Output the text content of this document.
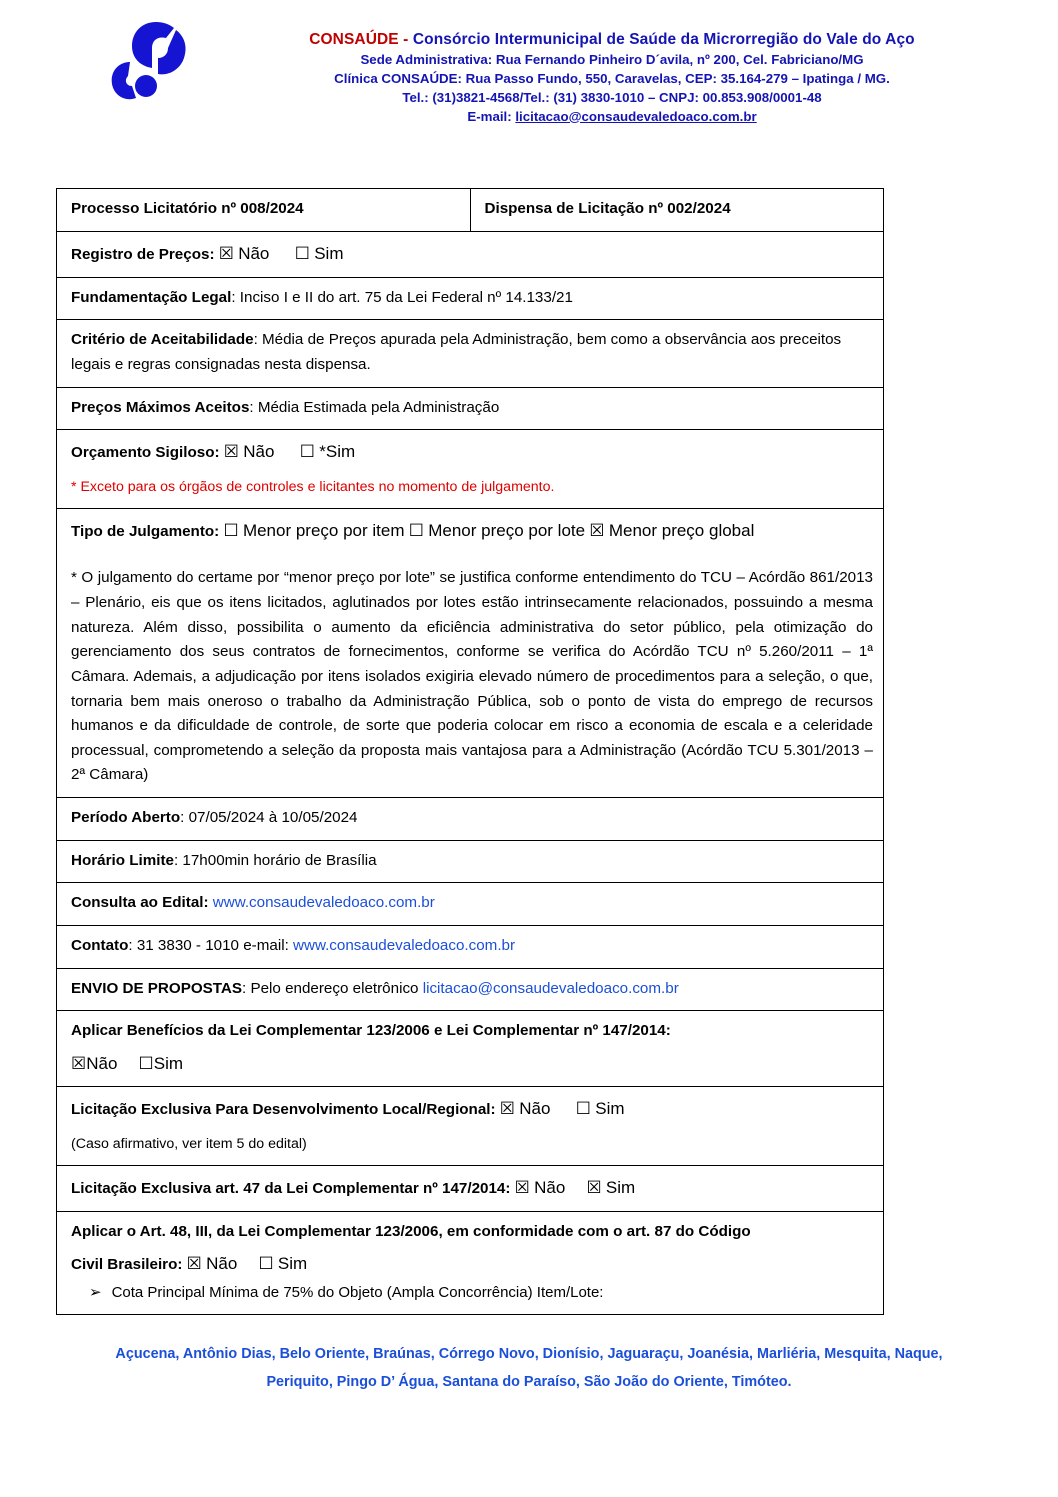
CONSAÚDE - Consórcio Intermunicipal de Saúde da Microrregião do Vale do Aço
Sede Administrativa: Rua Fernando Pinheiro D´avila, nº 200, Cel. Fabriciano/MG
Clínica CONSAÚDE: Rua Passo Fundo, 550, Caravelas, CEP: 35.164-279 – Ipatinga / MG.
Tel.: (31)3821-4568/Tel.: (31) 3830-1010 – CNPJ: 00.853.908/0001-48
E-mail: licitacao@consaudevaledoaco.com.br
Processo Licitatório nº 008/2024	Dispensa de Licitação nº 002/2024
Registro de Preços: ☒ Não ☐ Sim
Fundamentação Legal: Inciso I e II do art. 75 da Lei Federal nº 14.133/21
Critério de Aceitabilidade: Média de Preços apurada pela Administração, bem como a observância aos preceitos legais e regras consignadas nesta dispensa.
Preços Máximos Aceitos: Média Estimada pela Administração
Orçamento Sigiloso: ☒ Não ☐ *Sim
* Exceto para os órgãos de controles e licitantes no momento de julgamento.

Tipo de Julgamento: ☐ Menor preço por item ☐ Menor preço por lote ☒ Menor preço global
* O julgamento do certame por “menor preço por lote” se justifica conforme entendimento do TCU – Acórdão 861/2013 – Plenário, eis que os itens licitados, aglutinados por lotes estão intrinsecamente relacionados, possuindo a mesma natureza. Além disso, possibilita o aumento da eficiência administrativa do setor público, pela otimização do gerenciamento dos seus contratos de fornecimentos, conforme se verifica do Acórdão TCU nº 5.260/2011 – 1ª Câmara. Ademais, a adjudicação por itens isolados exigiria elevado número de procedimentos para a seleção, o que, tornaria bem mais oneroso o trabalho da Administração Pública, sob o ponto de vista do emprego de recursos humanos e da dificuldade de controle, de sorte que poderia colocar em risco a economia de escala e a celeridade processual, comprometendo a seleção da proposta mais vantajosa para a Administração (Acórdão TCU 5.301/2013 – 2ª Câmara)

Período Aberto: 07/05/2024 à 10/05/2024
Horário Limite: 17h00min horário de Brasília
Consulta ao Edital: www.consaudevaledoaco.com.br
Contato: 31 3830 - 1010 e-mail: www.consaudevaledoaco.com.br
ENVIO DE PROPOSTAS: Pelo endereço eletrônico licitacao@consaudevaledoaco.com.br
Aplicar Benefícios da Lei Complementar 123/2006 e Lei Complementar nº 147/2014:
☒Não ☐Sim

Licitação Exclusiva Para Desenvolvimento Local/Regional: ☒ Não ☐ Sim
(Caso afirmativo, ver item 5 do edital)

Licitação Exclusiva art. 47 da Lei Complementar nº 147/2014: ☒ Não ☒ Sim
Aplicar o Art. 48, III, da Lei Complementar 123/2006, em conformidade com o art. 87 do Código
Civil Brasileiro: ☒ Não ☐ Sim
➢ Cota Principal Mínima de 75% do Objeto (Ampla Concorrência) Item/Lote:
Açucena, Antônio Dias, Belo Oriente, Braúnas, Córrego Novo, Dionísio, Jaguaraçu, Joanésia, Marliéria, Mesquita, Naque,
Periquito, Pingo D’ Água, Santana do Paraíso, São João do Oriente, Timóteo.
